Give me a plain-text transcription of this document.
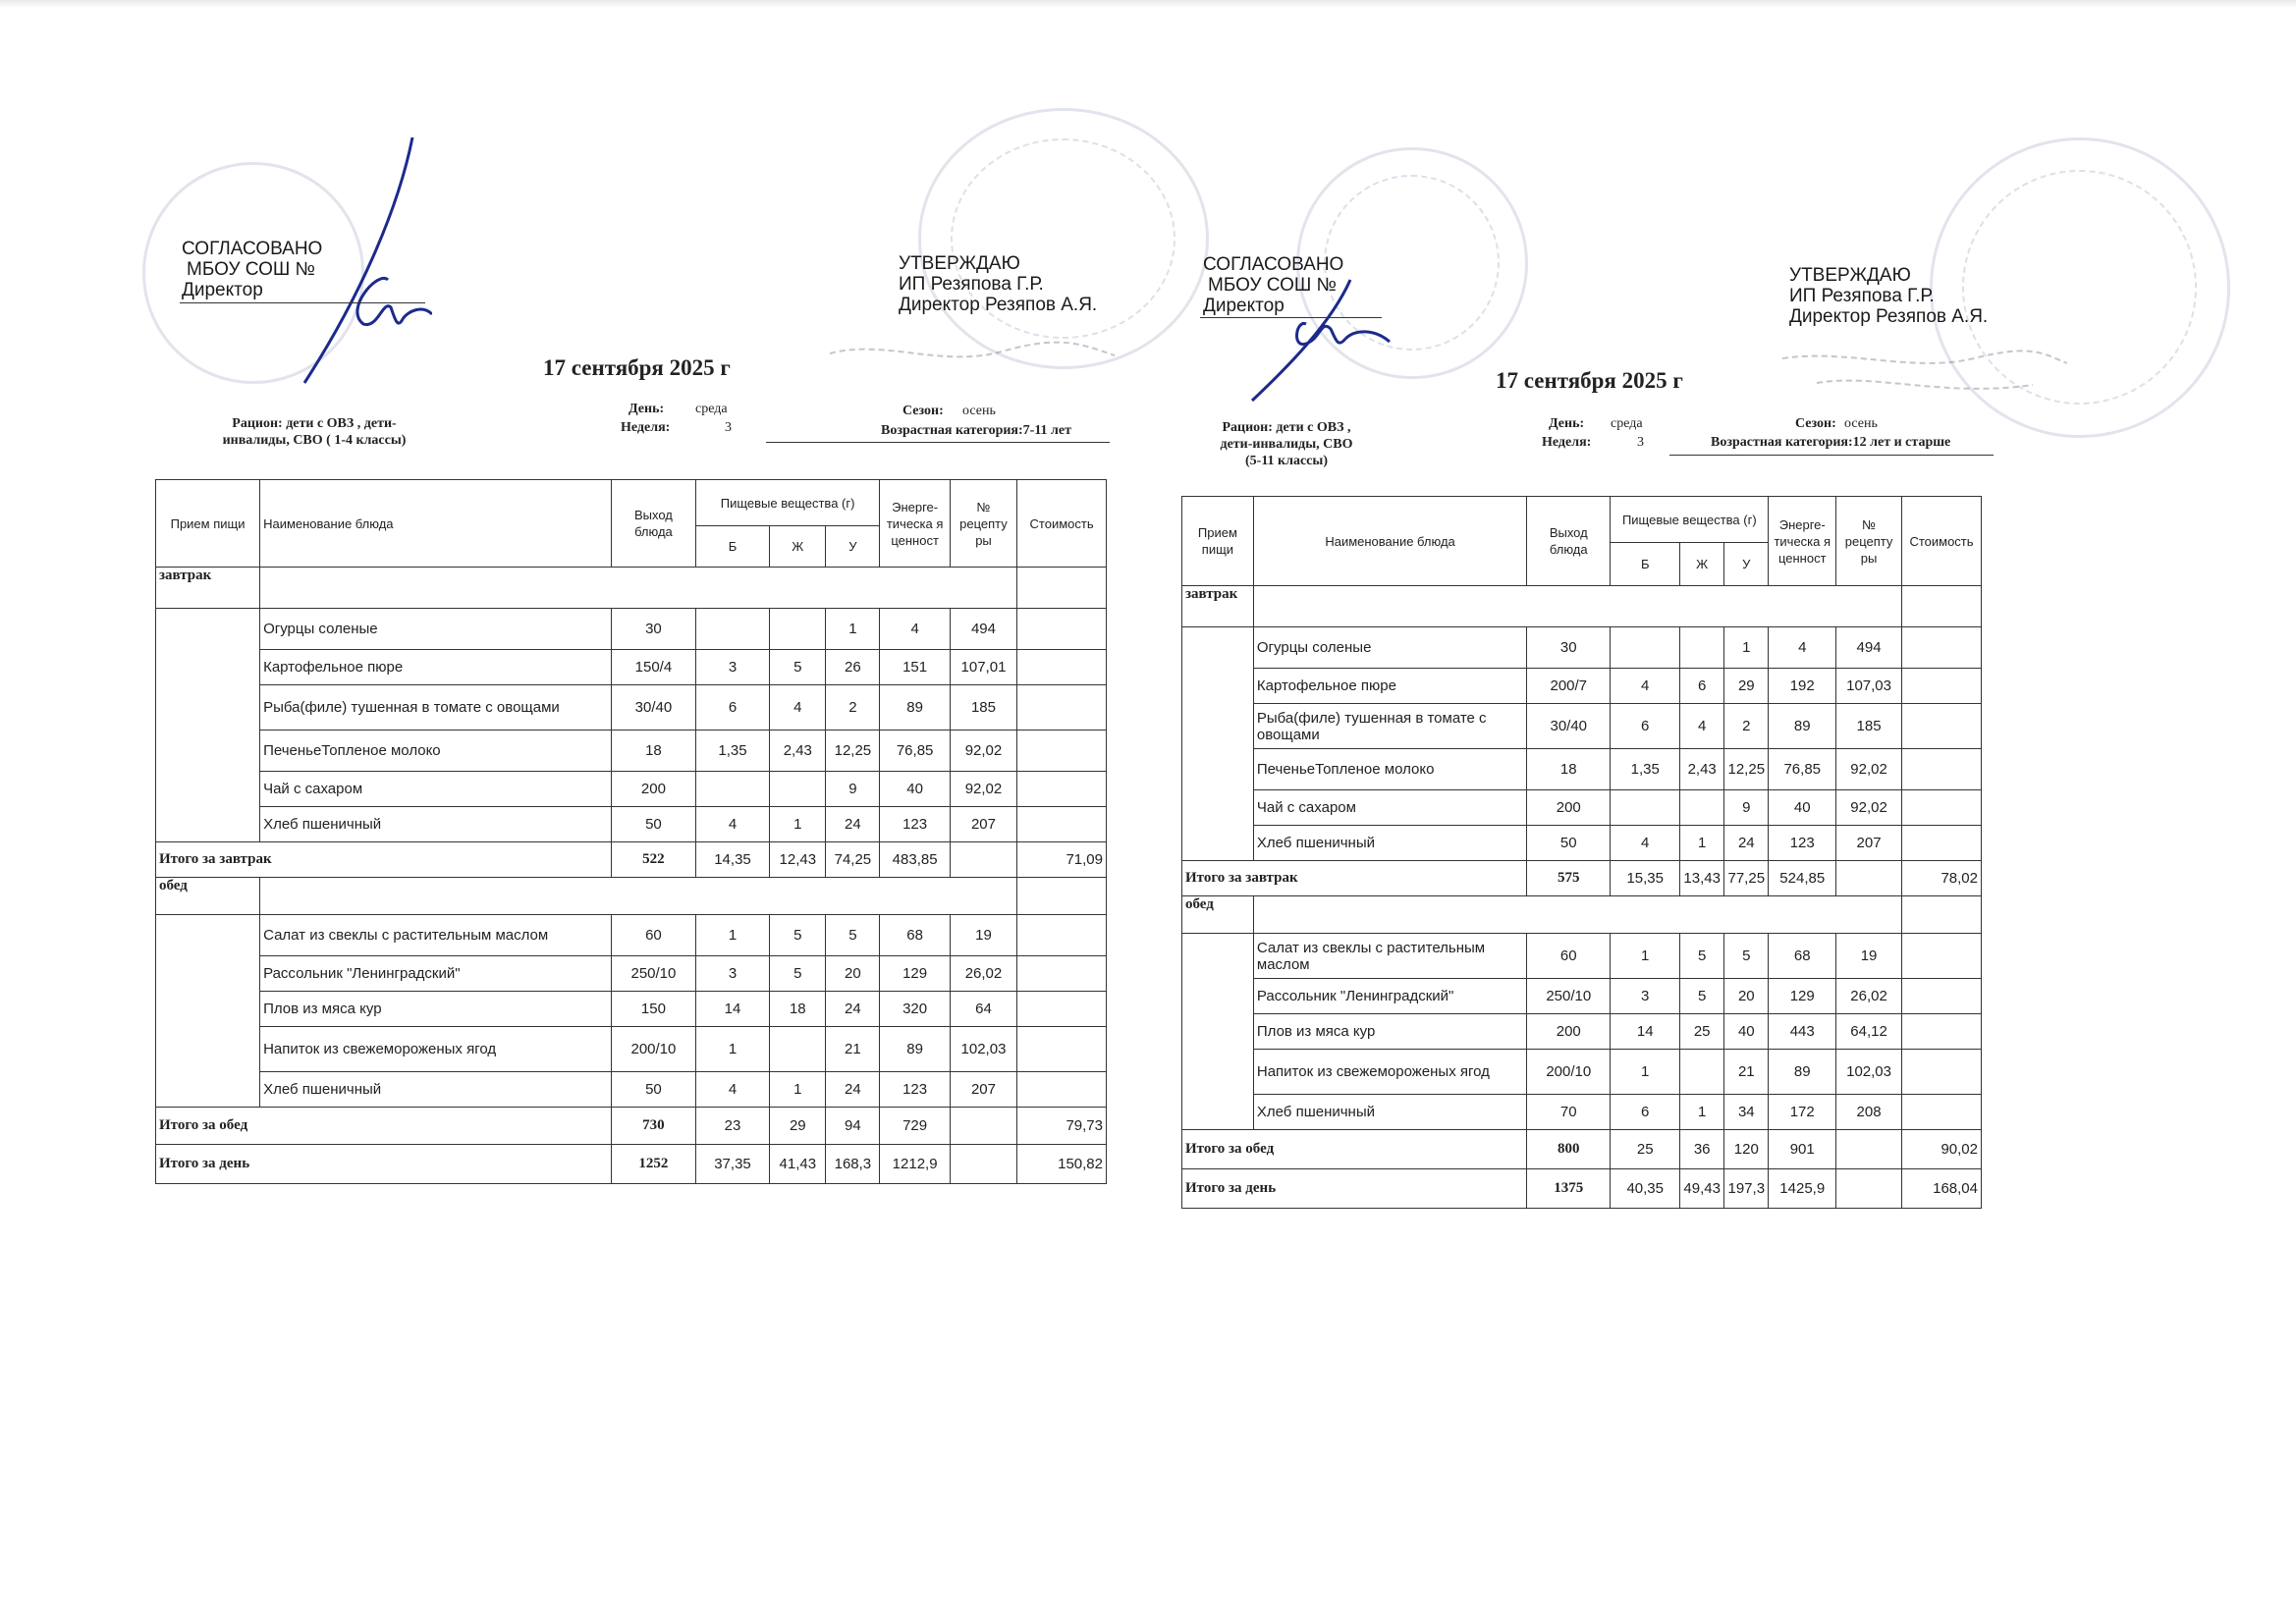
СОГЛАСОВАНО
МБОУ СОШ №
Директор
УТВЕРЖДАЮ
ИП Резяпова Г.Р.
Директор Резяпов А.Я.
17 сентября 2025 г
Рацион: дети с ОВЗ , дети-
инвалиды, СВО ( 1-4 классы)
День: среда
Неделя:	3
Сезон: осень
Возрастная категория:7-11 лет
Прием пищи	Наименование блюда	Выход блюда	Пищевые вещества (г)			Энерге-тическа я ценност	№ рецепту ры	Стоимость
			Б	Ж	У			
завтрак								
	Огурцы соленые	30			1	4	494	
	Картофельное пюре	150/4	3	5	26	151	107,01	
	Рыба(филе) тушенная в томате с овощами	30/40	6	4	2	89	185	
	ПеченьеТопленое молоко	18	1,35	2,43	12,25	76,85	92,02	
	Чай с сахаром	200			9	40	92,02	
	Хлеб пшеничный	50	4	1	24	123	207	
Итого за завтрак		522	14,35	12,43	74,25	483,85		71,09
обед								
	Салат из свеклы с растительным маслом	60	1	5	5	68	19	
	Рассольник "Ленинградский"	250/10	3	5	20	129	26,02	
	Плов из мяса кур	150	14	18	24	320	64	
	Напиток из свежемороженых ягод	200/10	1		21	89	102,03	
	Хлеб пшеничный	50	4	1	24	123	207	
Итого за обед		730	23	29	94	729		79,73
Итого за день		1252	37,35	41,43	168,3	1212,9		150,82
СОГЛАСОВАНО
МБОУ СОШ №
Директор
УТВЕРЖДАЮ
ИП Резяпова Г.Р.
Директор Резяпов А.Я.
17 сентября 2025 г
Рацион: дети с ОВЗ ,
дети-инвалиды, СВО
(5-11 классы)
День: среда
Неделя:	3
Сезон: осень
Возрастная категория:12 лет и старше
Прием пищи	Наименование блюда	Выход блюда	Пищевые вещества (г)			Энерге-тическа я ценност	№ рецепту ры	Стоимость
			Б	Ж	У			
завтрак								
	Огурцы соленые	30			1	4	494	
	Картофельное пюре	200/7	4	6	29	192	107,03	
	Рыба(филе) тушенная в томате с овощами	30/40	6	4	2	89	185	
	ПеченьеТопленое молоко	18	1,35	2,43	12,25	76,85	92,02	
	Чай с сахаром	200			9	40	92,02	
	Хлеб пшеничный	50	4	1	24	123	207	
Итого за завтрак		575	15,35	13,43	77,25	524,85		78,02
обед								
	Салат из свеклы с растительным маслом	60	1	5	5	68	19	
	Рассольник "Ленинградский"	250/10	3	5	20	129	26,02	
	Плов из мяса кур	200	14	25	40	443	64,12	
	Напиток из свежемороженых ягод	200/10	1		21	89	102,03	
	Хлеб пшеничный	70	6	1	34	172	208	
Итого за обед		800	25	36	120	901		90,02
Итого за день		1375	40,35	49,43	197,3	1425,9		168,04
